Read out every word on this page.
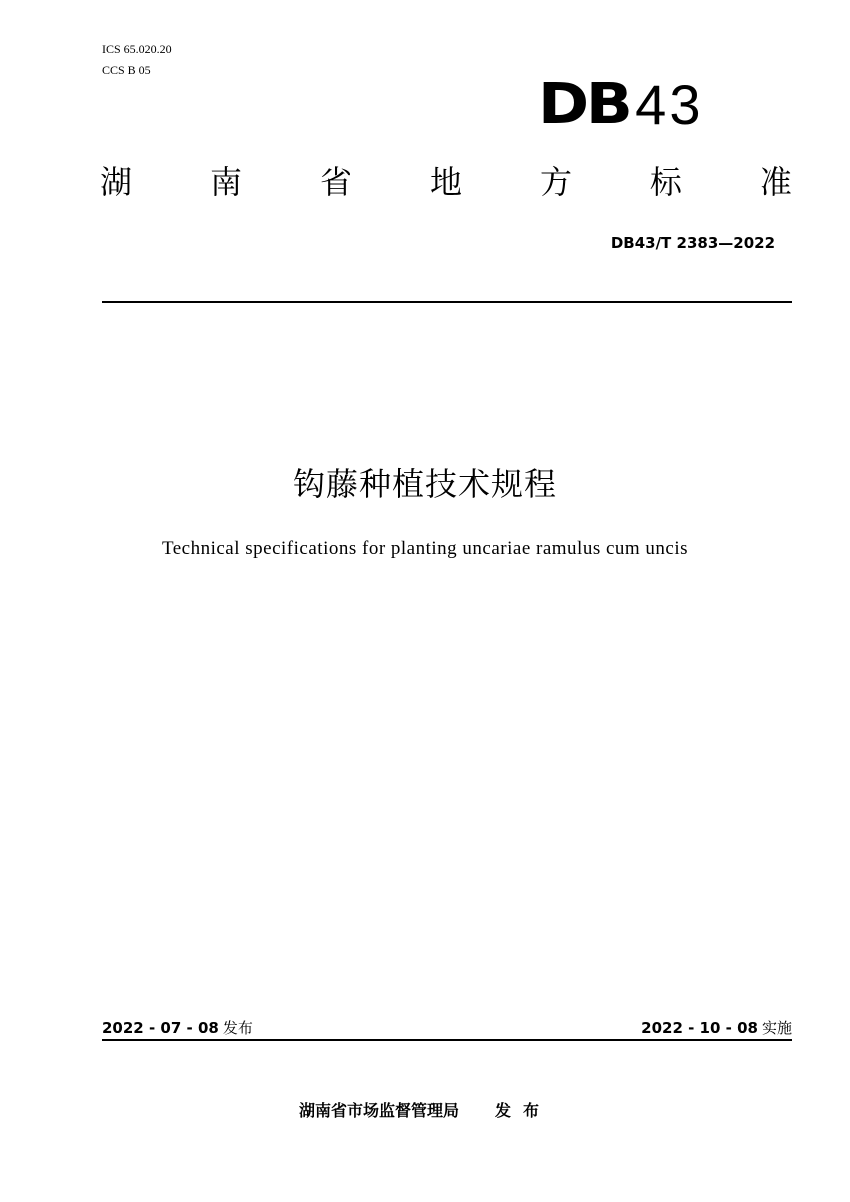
ICS 65.020.20
CCS B 05
DB 43
湖 南 省 地 方 标 准
DB43/T 2383—2022
钩藤种植技术规程
Technical specifications for planting uncariae ramulus cum uncis
2022 - 07 - 08 发布	2022 - 10 - 08 实施
湖南省市场监督管理局 发布
